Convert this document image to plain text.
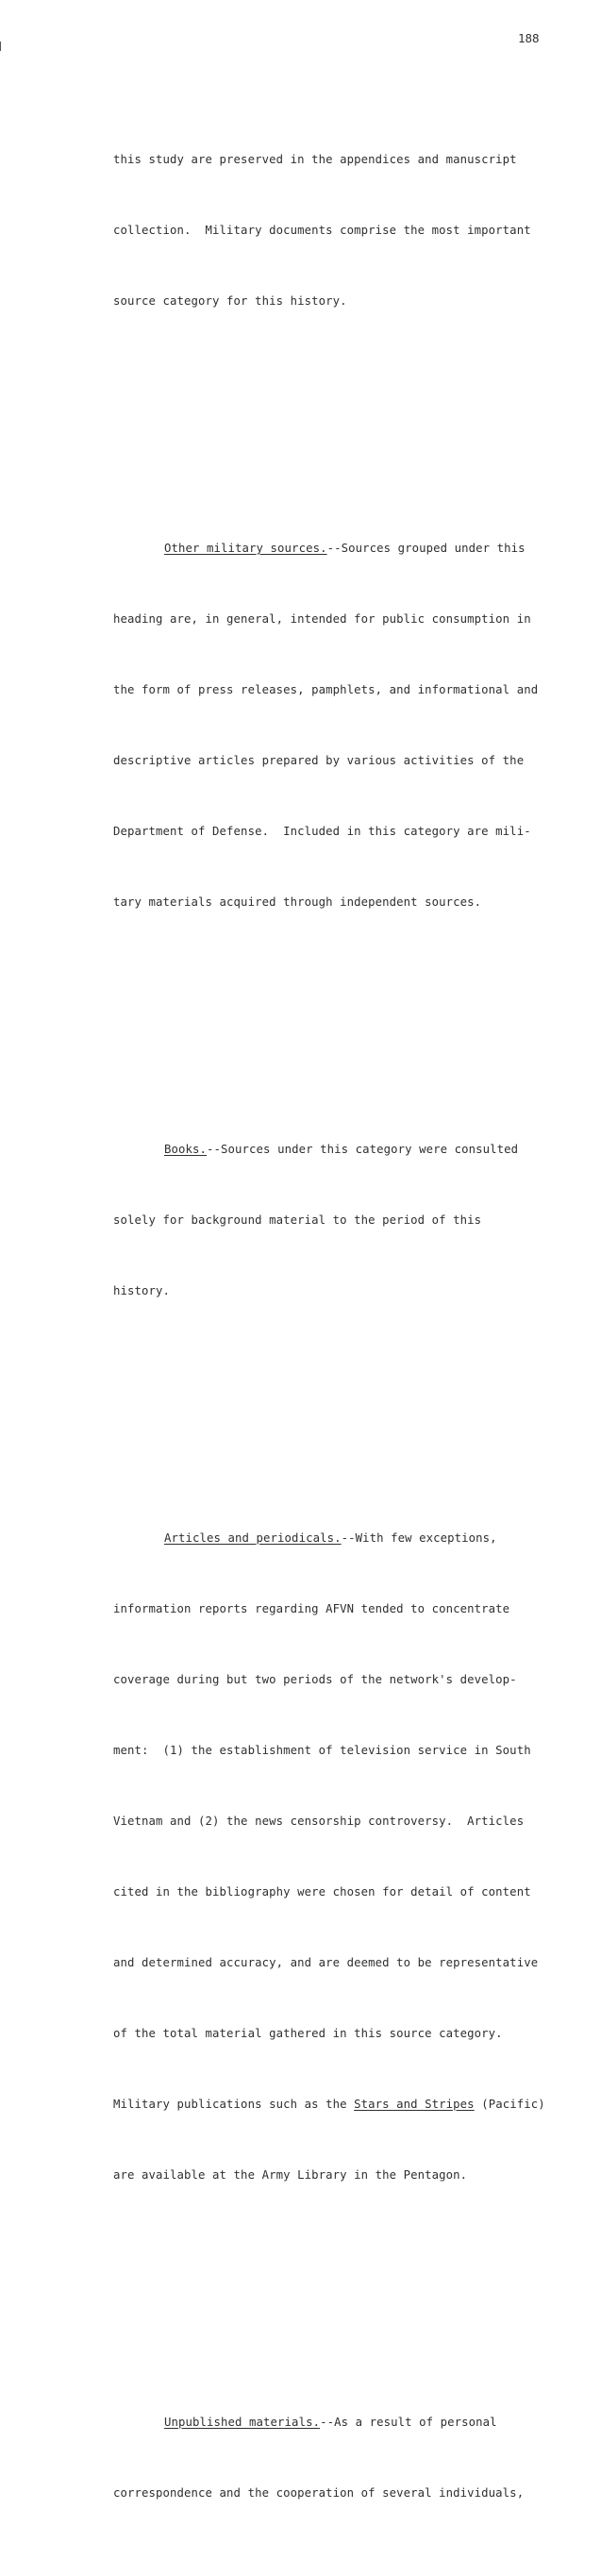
188

this study are preserved in the appendices and manuscript

collection.  Military documents comprise the most important

source category for this history.

Other military sources.--Sources grouped under this

heading are, in general, intended for public consumption in

the form of press releases, pamphlets, and informational and

descriptive articles prepared by various activities of the

Department of Defense.  Included in this category are mili-

tary materials acquired through independent sources.

Books.--Sources under this category were consulted

solely for background material to the period of this

history.

Articles and periodicals.--With few exceptions,

information reports regarding AFVN tended to concentrate

coverage during but two periods of the network's develop-

ment:  (1) the establishment of television service in South

Vietnam and (2) the news censorship controversy.  Articles

cited in the bibliography were chosen for detail of content

and determined accuracy, and are deemed to be representative

of the total material gathered in this source category.

Military publications such as the Stars and Stripes (Pacific)

are available at the Army Library in the Pentagon.

Unpublished materials.--As a result of personal

correspondence and the cooperation of several individuals,
